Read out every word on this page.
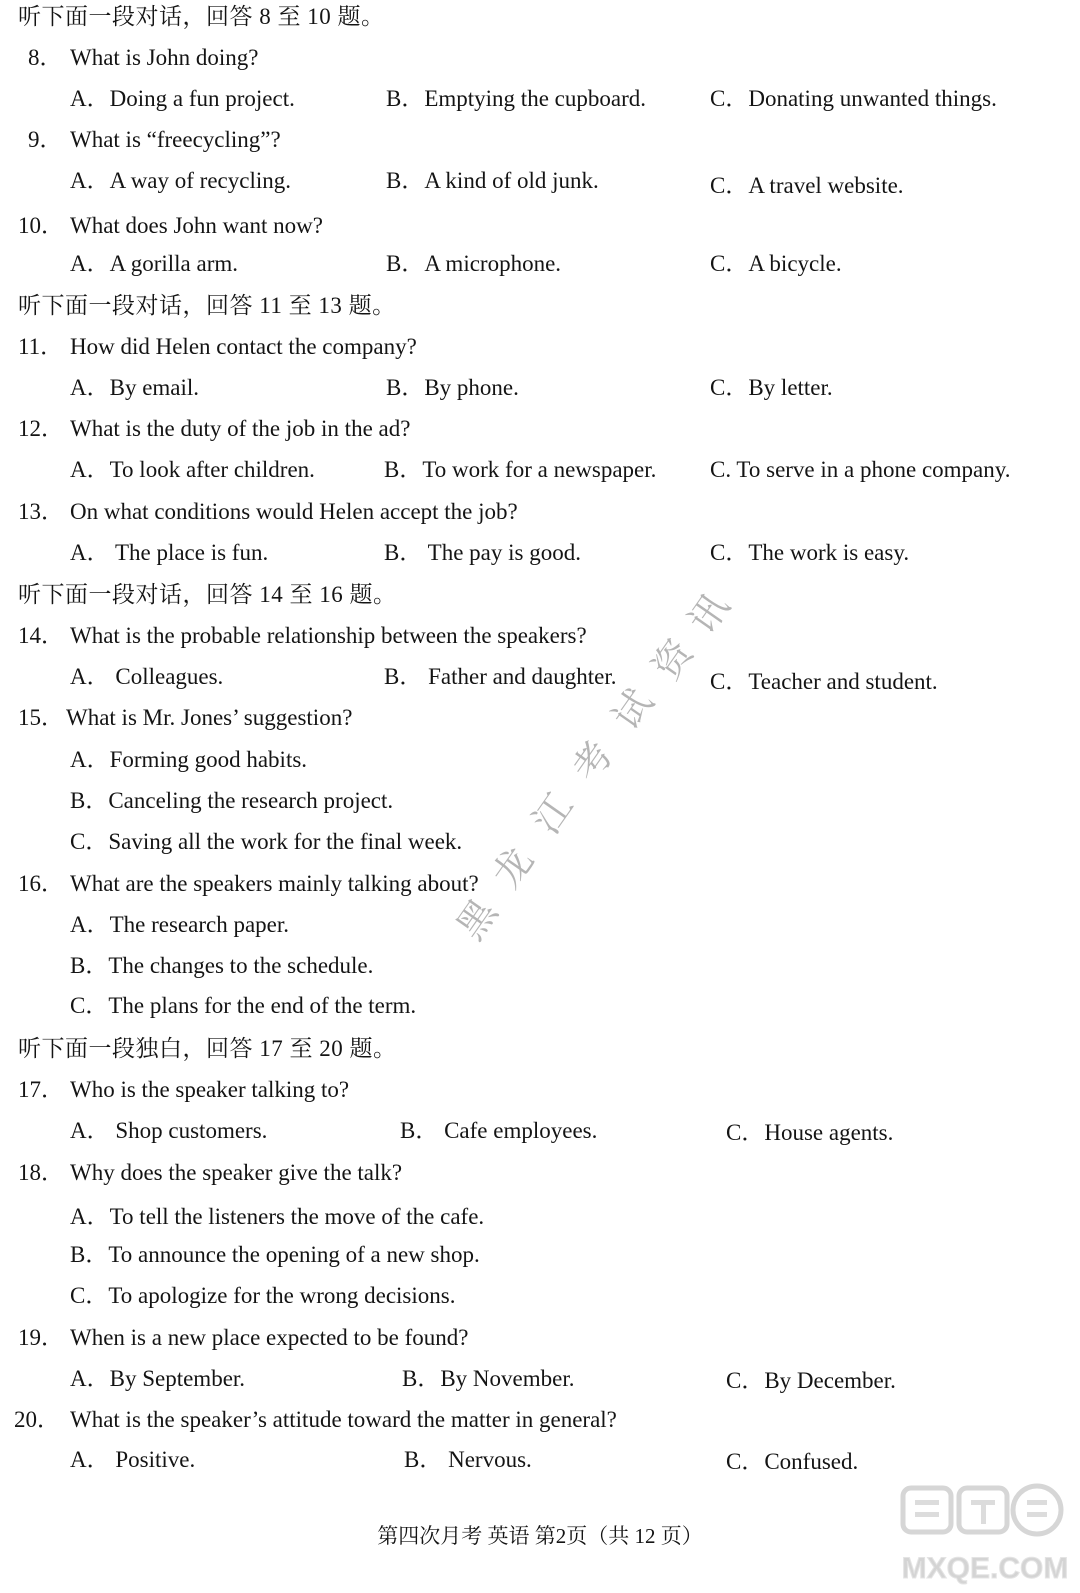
听下面一段对话，回答 8 至 10 题。
听下面一段对话，回答 11 至 13 题。
听下面一段对话，回答 14 至 16 题。
听下面一段独白，回答 17 至 20 题。
8． What is John doing?
A．Doing a fun project.	B．Emptying the cupboard.	C．Donating unwanted things.
9． What is “freecycling”?
A．A way of recycling.	B．A kind of old junk.	C．A travel website.
10． What does John want now?
A．A gorilla arm.	B．A microphone.	C．A bicycle.
11． How did Helen contact the company?
A．By email.	B．By phone.	C．By letter.
12． What is the duty of the job in the ad?
A．To look after children.	B．To work for a newspaper. C. To serve in a phone company.
13． On what conditions would Helen accept the job?
A． The place is fun.	B． The pay is good.	C．The work is easy.
14． What is the probable relationship between the speakers?
A． Colleagues.	B． Father and daughter.	C．Teacher and student.
15． What is Mr. Jones’ suggestion?
A．Forming good habits.
B．Canceling the research project.
C．Saving all the work for the final week.
16． What are the speakers mainly talking about?
A．The research paper.
B．The changes to the schedule.
C．The plans for the end of the term.
17． Who is the speaker talking to?
A． Shop customers.	B． Cafe employees.	C．House agents.
18． Why does the speaker give the talk?
A．To tell the listeners the move of the cafe.
B．To announce the opening of a new shop.
C．To apologize for the wrong decisions.
19． When is a new place expected to be found?
A．By September.	B．By November.	C．By December.
20． What is the speaker’s attitude toward the matter in general?
A． Positive.	B． Nervous.	C．Confused.
黑
龙
江
考
试
资
讯
第四次月考 英语 第2页（共 12 页）
MXQE.COM
